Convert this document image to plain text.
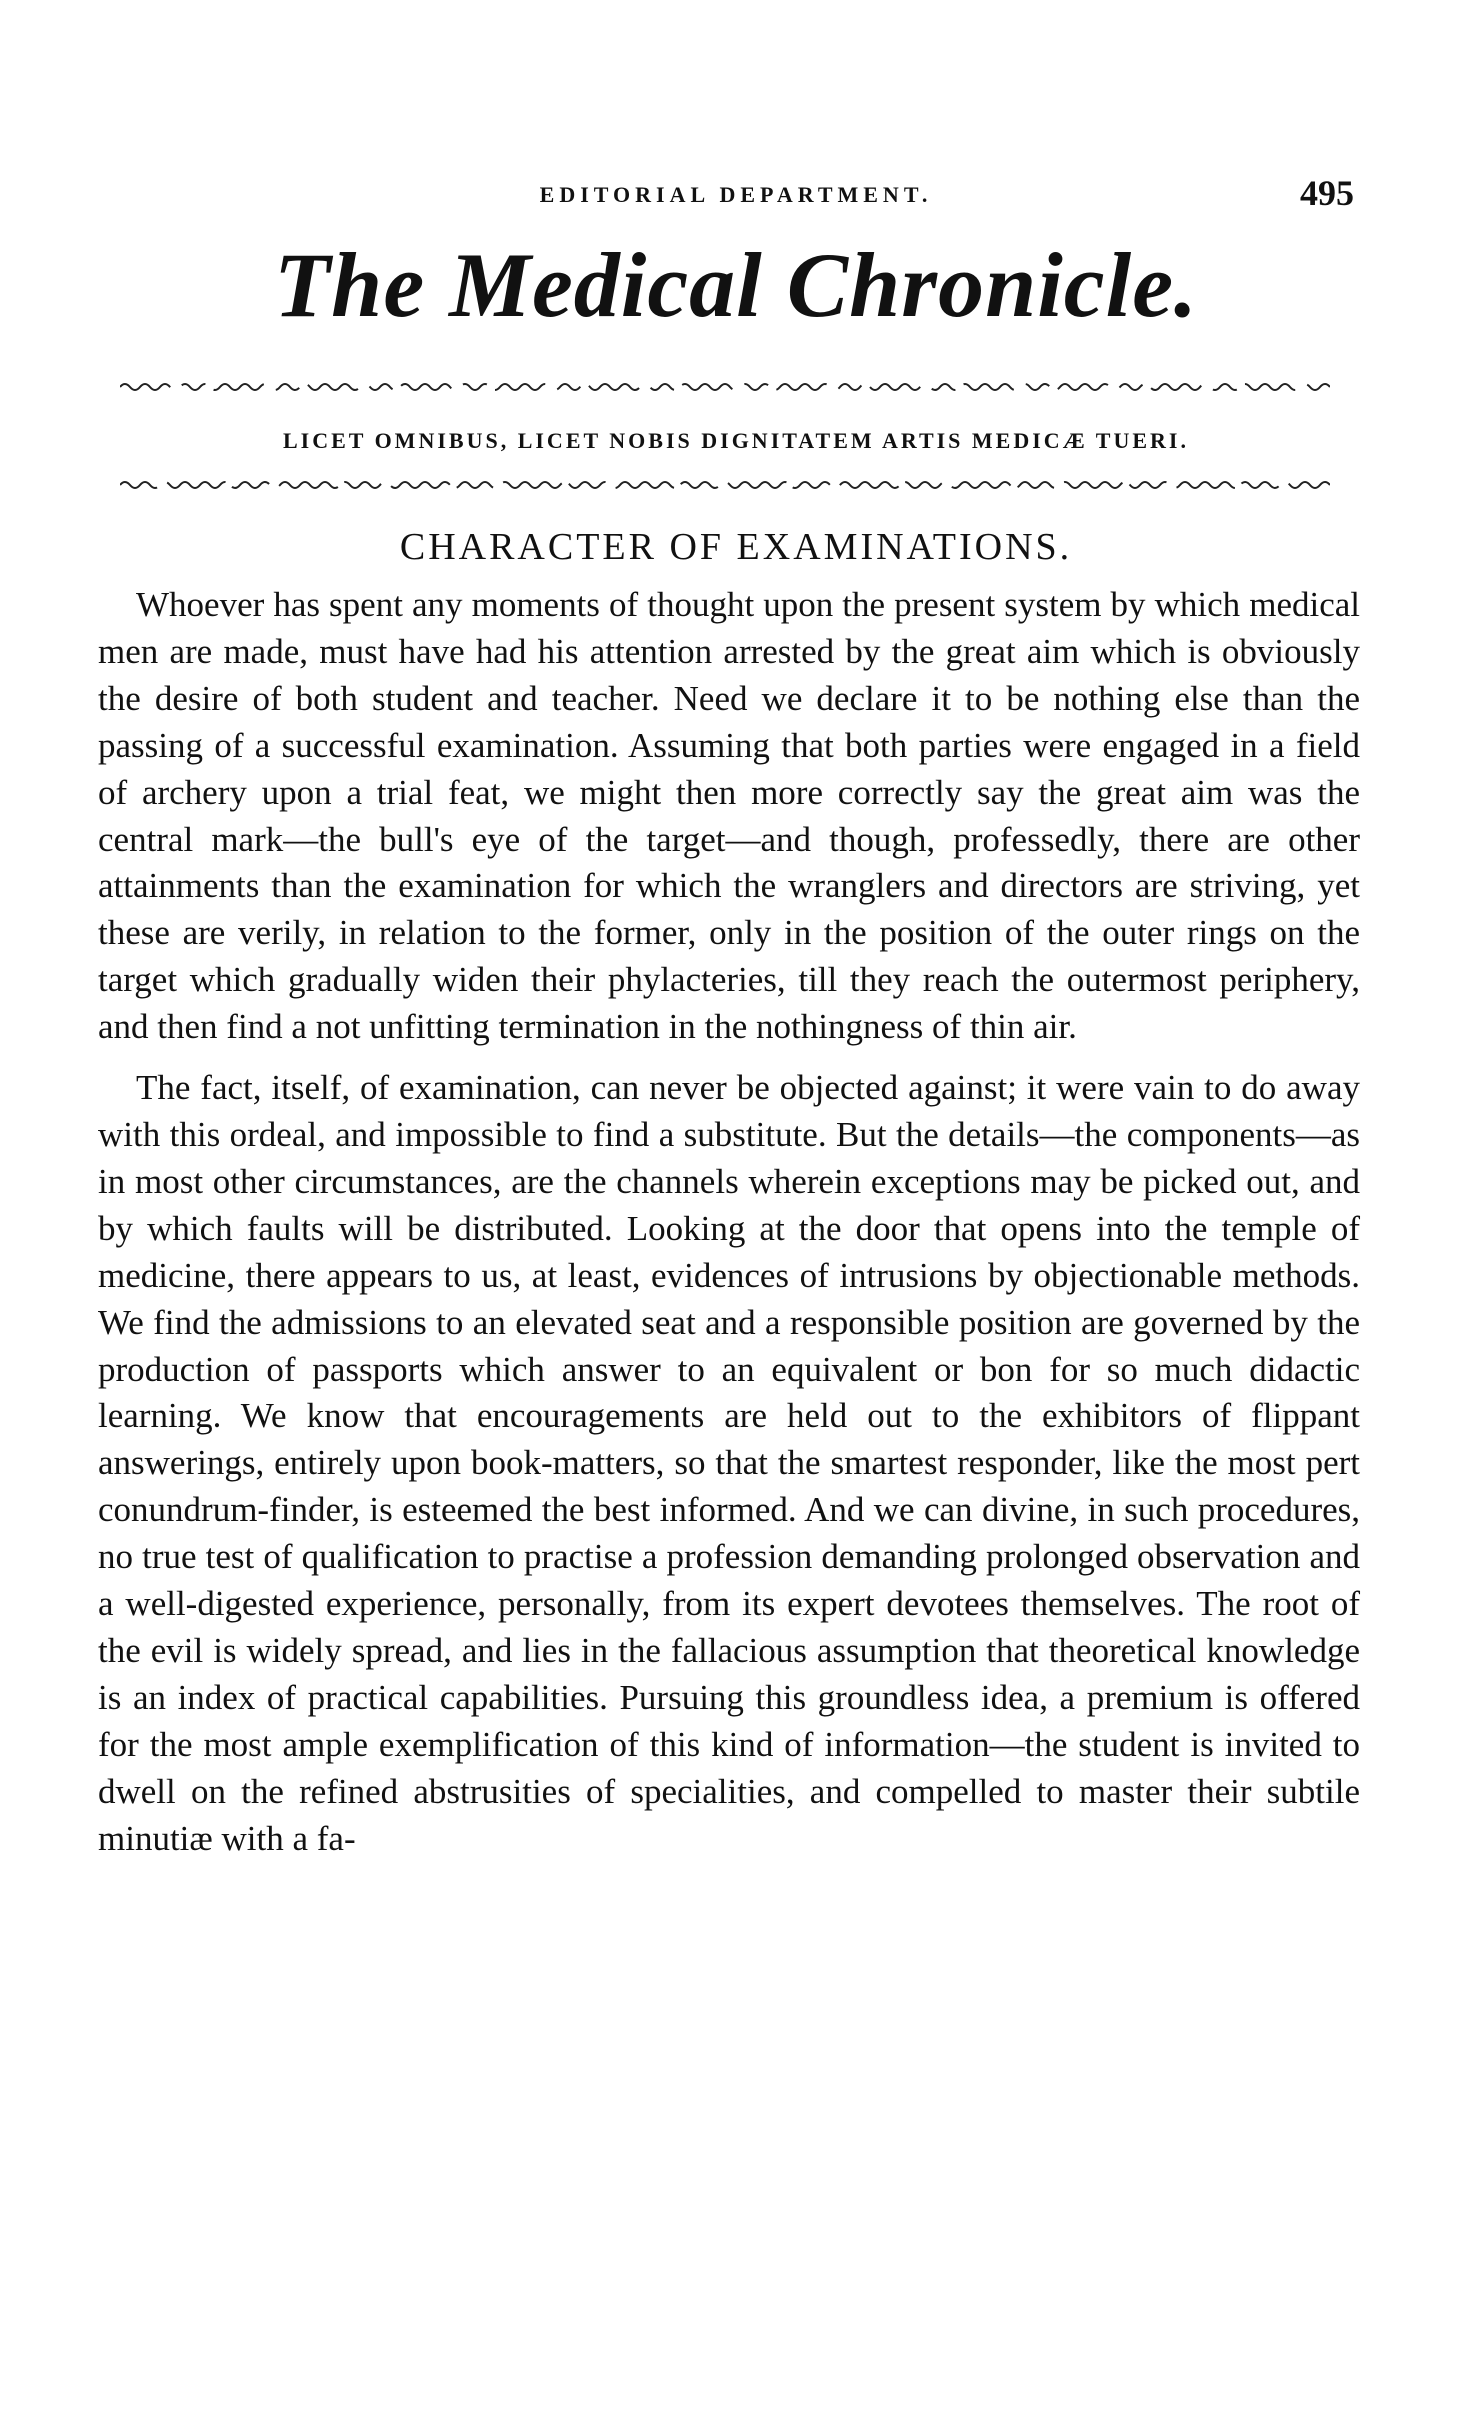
EDITORIAL DEPARTMENT.	495
The Medical Chronicle.
LICET OMNIBUS, LICET NOBIS DIGNITATEM ARTIS MEDICÆ TUERI.
CHARACTER OF EXAMINATIONS.

Whoever has spent any moments of thought upon the present system by which medical men are made, must have had his attention arrested by the great aim which is obviously the desire of both student and teacher. Need we declare it to be nothing else than the passing of a successful examination. Assuming that both parties were engaged in a field of archery upon a trial feat, we might then more correctly say the great aim was the central mark—the bull's eye of the target—and though, professedly, there are other attainments than the examination for which the wranglers and directors are striving, yet these are verily, in relation to the former, only in the position of the outer rings on the target which gradually widen their phylacteries, till they reach the outermost periphery, and then find a not unfitting termination in the nothingness of thin air.

The fact, itself, of examination, can never be objected against; it were vain to do away with this ordeal, and impossible to find a substitute. But the details—the components—as in most other circumstances, are the channels wherein exceptions may be picked out, and by which faults will be distributed. Looking at the door that opens into the temple of medicine, there appears to us, at least, evidences of intrusions by objectionable methods. We find the admissions to an elevated seat and a responsible position are governed by the production of passports which answer to an equivalent or bon for so much didactic learning. We know that encouragements are held out to the exhibitors of flippant answerings, entirely upon book-matters, so that the smartest responder, like the most pert conundrum-finder, is esteemed the best informed. And we can divine, in such procedures, no true test of qualification to practise a profession demanding prolonged observation and a well-digested experience, personally, from its expert devotees themselves. The root of the evil is widely spread, and lies in the fallacious assumption that theoretical knowledge is an index of practical capabilities. Pursuing this groundless idea, a premium is offered for the most ample exemplification of this kind of information—the student is invited to dwell on the refined abstrusities of specialities, and compelled to master their subtile minutiæ with a fa-
